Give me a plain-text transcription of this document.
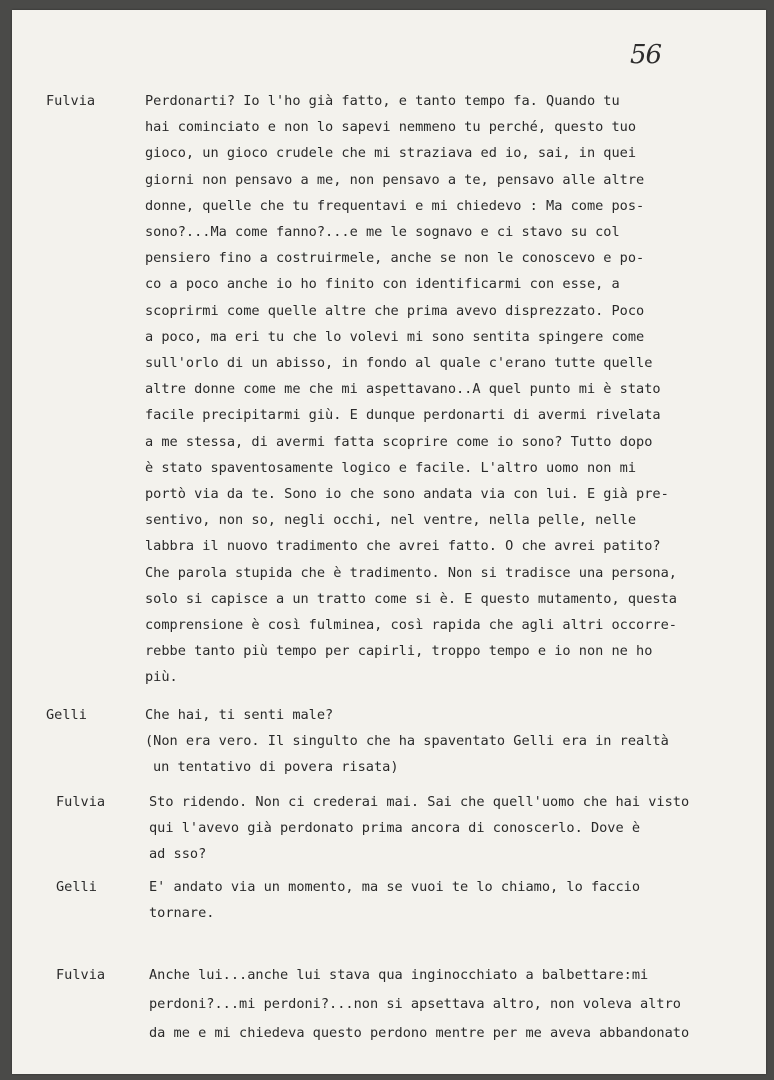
56
Fulvia	Perdonarti? Io l'ho già fatto, e tanto tempo fa. Quando tu
hai cominciato e non lo sapevi nemmeno tu perché, questo tuo
gioco, un gioco crudele che mi straziava ed io, sai, in quei
giorni non pensavo a me, non pensavo a te, pensavo alle altre
donne, quelle che tu frequentavi e mi chiedevo : Ma come pos-
sono?...Ma come fanno?...e me le sognavo e ci stavo su col
pensiero fino a costruirmele, anche se non le conoscevo e po-
co a poco anche io ho finito con identificarmi con esse, a
scoprirmi come quelle altre che prima avevo disprezzato. Poco
a poco, ma eri tu che lo volevi mi sono sentita spingere come
sull'orlo di un abisso, in fondo al quale c'erano tutte quelle
altre donne come me che mi aspettavano..A quel punto mi è stato
facile precipitarmi giù. E dunque perdonarti di avermi rivelata
a me stessa, di avermi fatta scoprire come io sono? Tutto dopo
è stato spaventosamente logico e facile. L'altro uomo non mi
portò via da te. Sono io che sono andata via con lui. E già pre-
sentivo, non so, negli occhi, nel ventre, nella pelle, nelle
labbra il nuovo tradimento che avrei fatto. O che avrei patito?
Che parola stupida che è tradimento. Non si tradisce una persona,
solo si capisce a un tratto come si è. E questo mutamento, questa
comprensione è così fulminea, così rapida che agli altri occorre-
rebbe tanto più tempo per capirli, troppo tempo e io non ne ho
più.
Gelli	Che hai, ti senti male?
(Non era vero. Il singulto che ha spaventato Gelli era in realtà
un tentativo di povera risata)
Fulvia	Sto ridendo. Non ci crederai mai. Sai che quell'uomo che hai visto
qui l'avevo già perdonato prima ancora di conoscerlo. Dove è
ad sso?
Gelli	E' andato via un momento, ma se vuoi te lo chiamo, lo faccio
tornare.
Fulvia	Anche lui...anche lui stava qua inginocchiato a balbettare:mi
perdoni?...mi perdoni?...non si apsettava altro, non voleva altro
da me e mi chiedeva questo perdono mentre per me aveva abbandonato
